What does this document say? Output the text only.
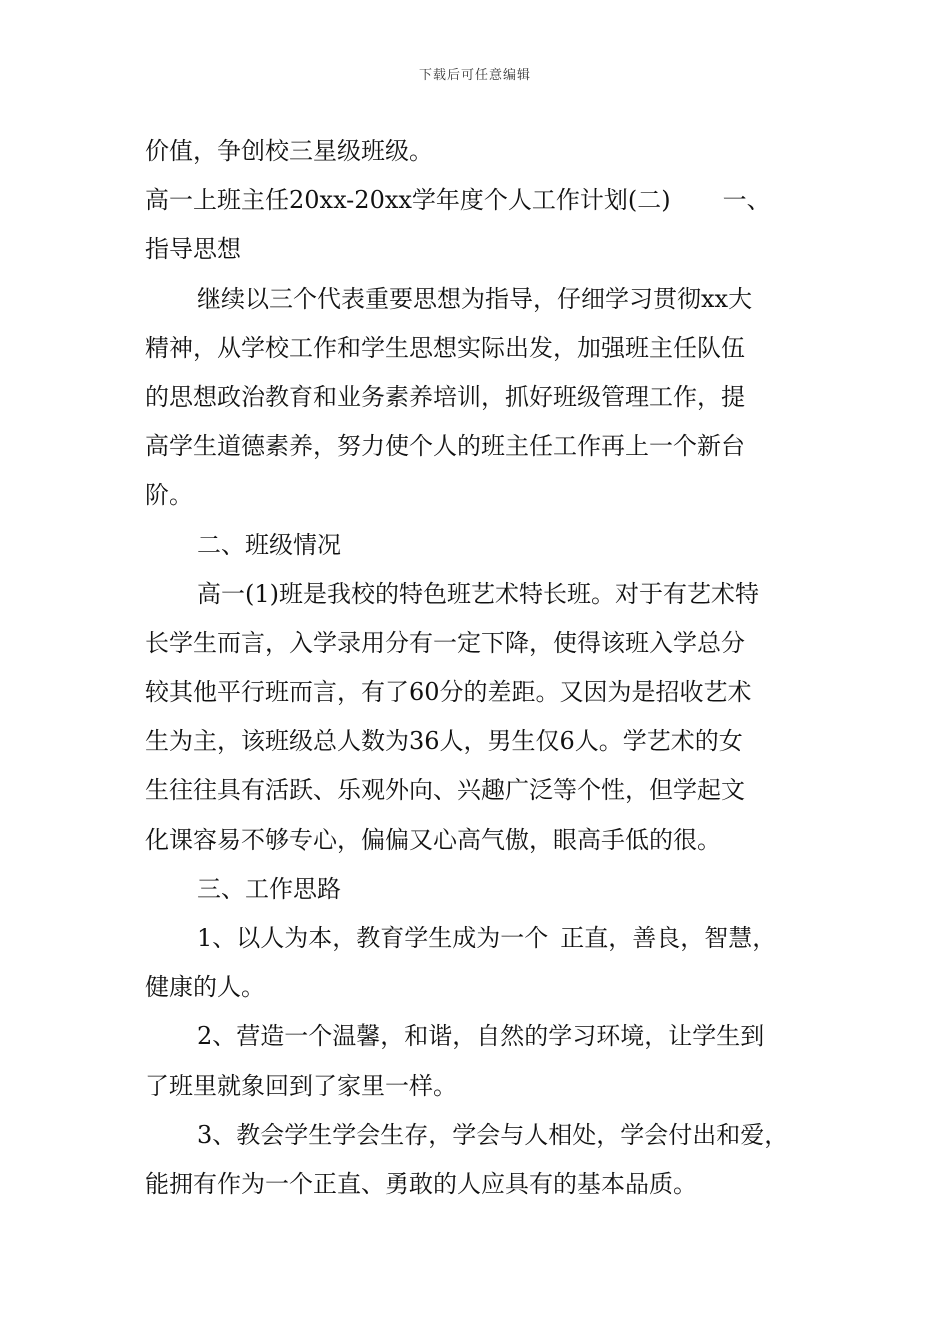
下载后可任意编辑
价值，争创校三星级班级。
高一上班主任20xx-20xx学年度个人工作计划(二) 一、
指导思想
继续以三个代表重要思想为指导，仔细学习贯彻xx大
精神，从学校工作和学生思想实际出发，加强班主任队伍
的思想政治教育和业务素养培训，抓好班级管理工作，提
高学生道德素养，努力使个人的班主任工作再上一个新台
阶。
二、班级情况
高一(1)班是我校的特色班艺术特长班。对于有艺术特
长学生而言，入学录用分有一定下降，使得该班入学总分
较其他平行班而言，有了60分的差距。又因为是招收艺术
生为主，该班级总人数为36人，男生仅6人。学艺术的女
生往往具有活跃、乐观外向、兴趣广泛等个性，但学起文
化课容易不够专心，偏偏又心高气傲，眼高手低的很。
三、工作思路
1、以人为本，教育学生成为一个 正直，善良，智慧，
健康的人。
2、营造一个温馨，和谐，自然的学习环境，让学生到
了班里就象回到了家里一样。
3、教会学生学会生存，学会与人相处，学会付出和爱，
能拥有作为一个正直、勇敢的人应具有的基本品质。
